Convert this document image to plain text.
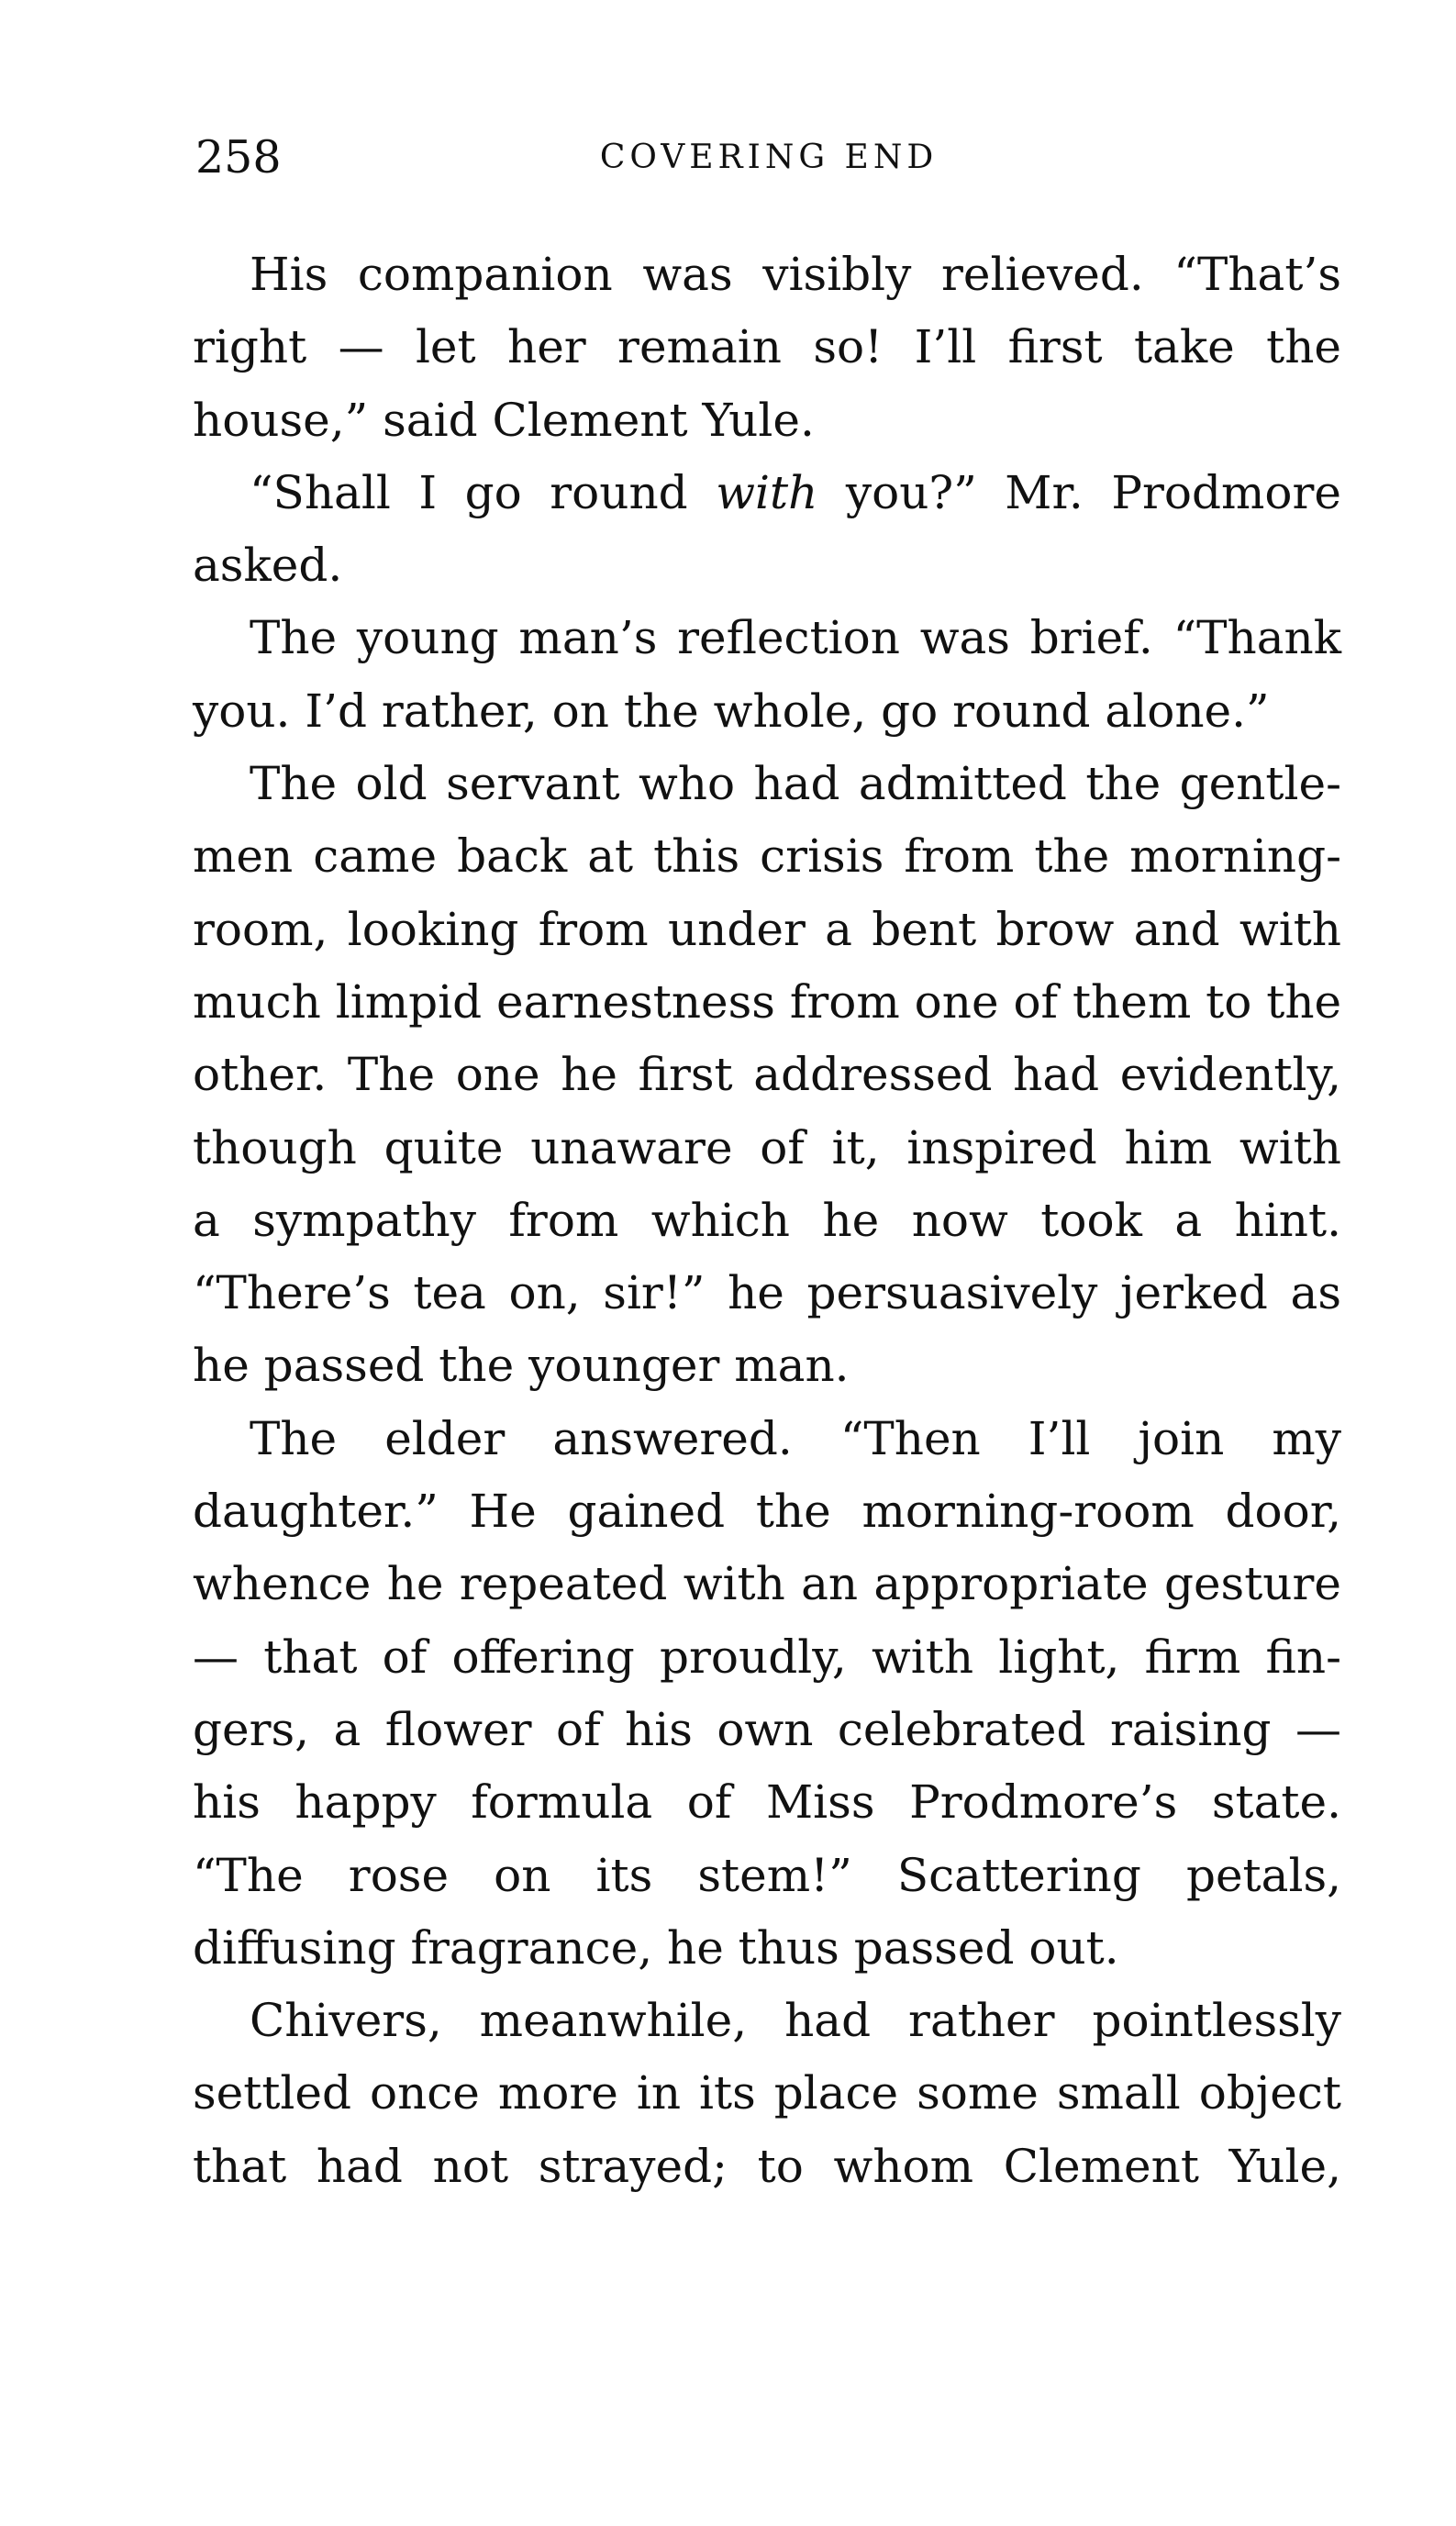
258	COVERING END
His companion was visibly relieved. “That’s
right — let her remain so! I’ll first take the
house,” said Clement Yule.
“Shall I go round with you?” Mr. Prodmore
asked.
The young man’s reflection was brief. “Thank
you. I’d rather, on the whole, go round alone.”
The old servant who had admitted the gentle-
men came back at this crisis from the morning-
room, looking from under a bent brow and with
much limpid earnestness from one of them to the
other. The one he first addressed had evidently,
though quite unaware of it, inspired him with
a sympathy from which he now took a hint.
“There’s tea on, sir!” he persuasively jerked as
he passed the younger man.
The elder answered. “Then I’ll join my
daughter.” He gained the morning-room door,
whence he repeated with an appropriate gesture
— that of offering proudly, with light, firm fin-
gers, a flower of his own celebrated raising —
his happy formula of Miss Prodmore’s state.
“The rose on its stem!” Scattering petals,
diffusing fragrance, he thus passed out.
Chivers, meanwhile, had rather pointlessly
settled once more in its place some small object
that had not strayed; to whom Clement Yule,
